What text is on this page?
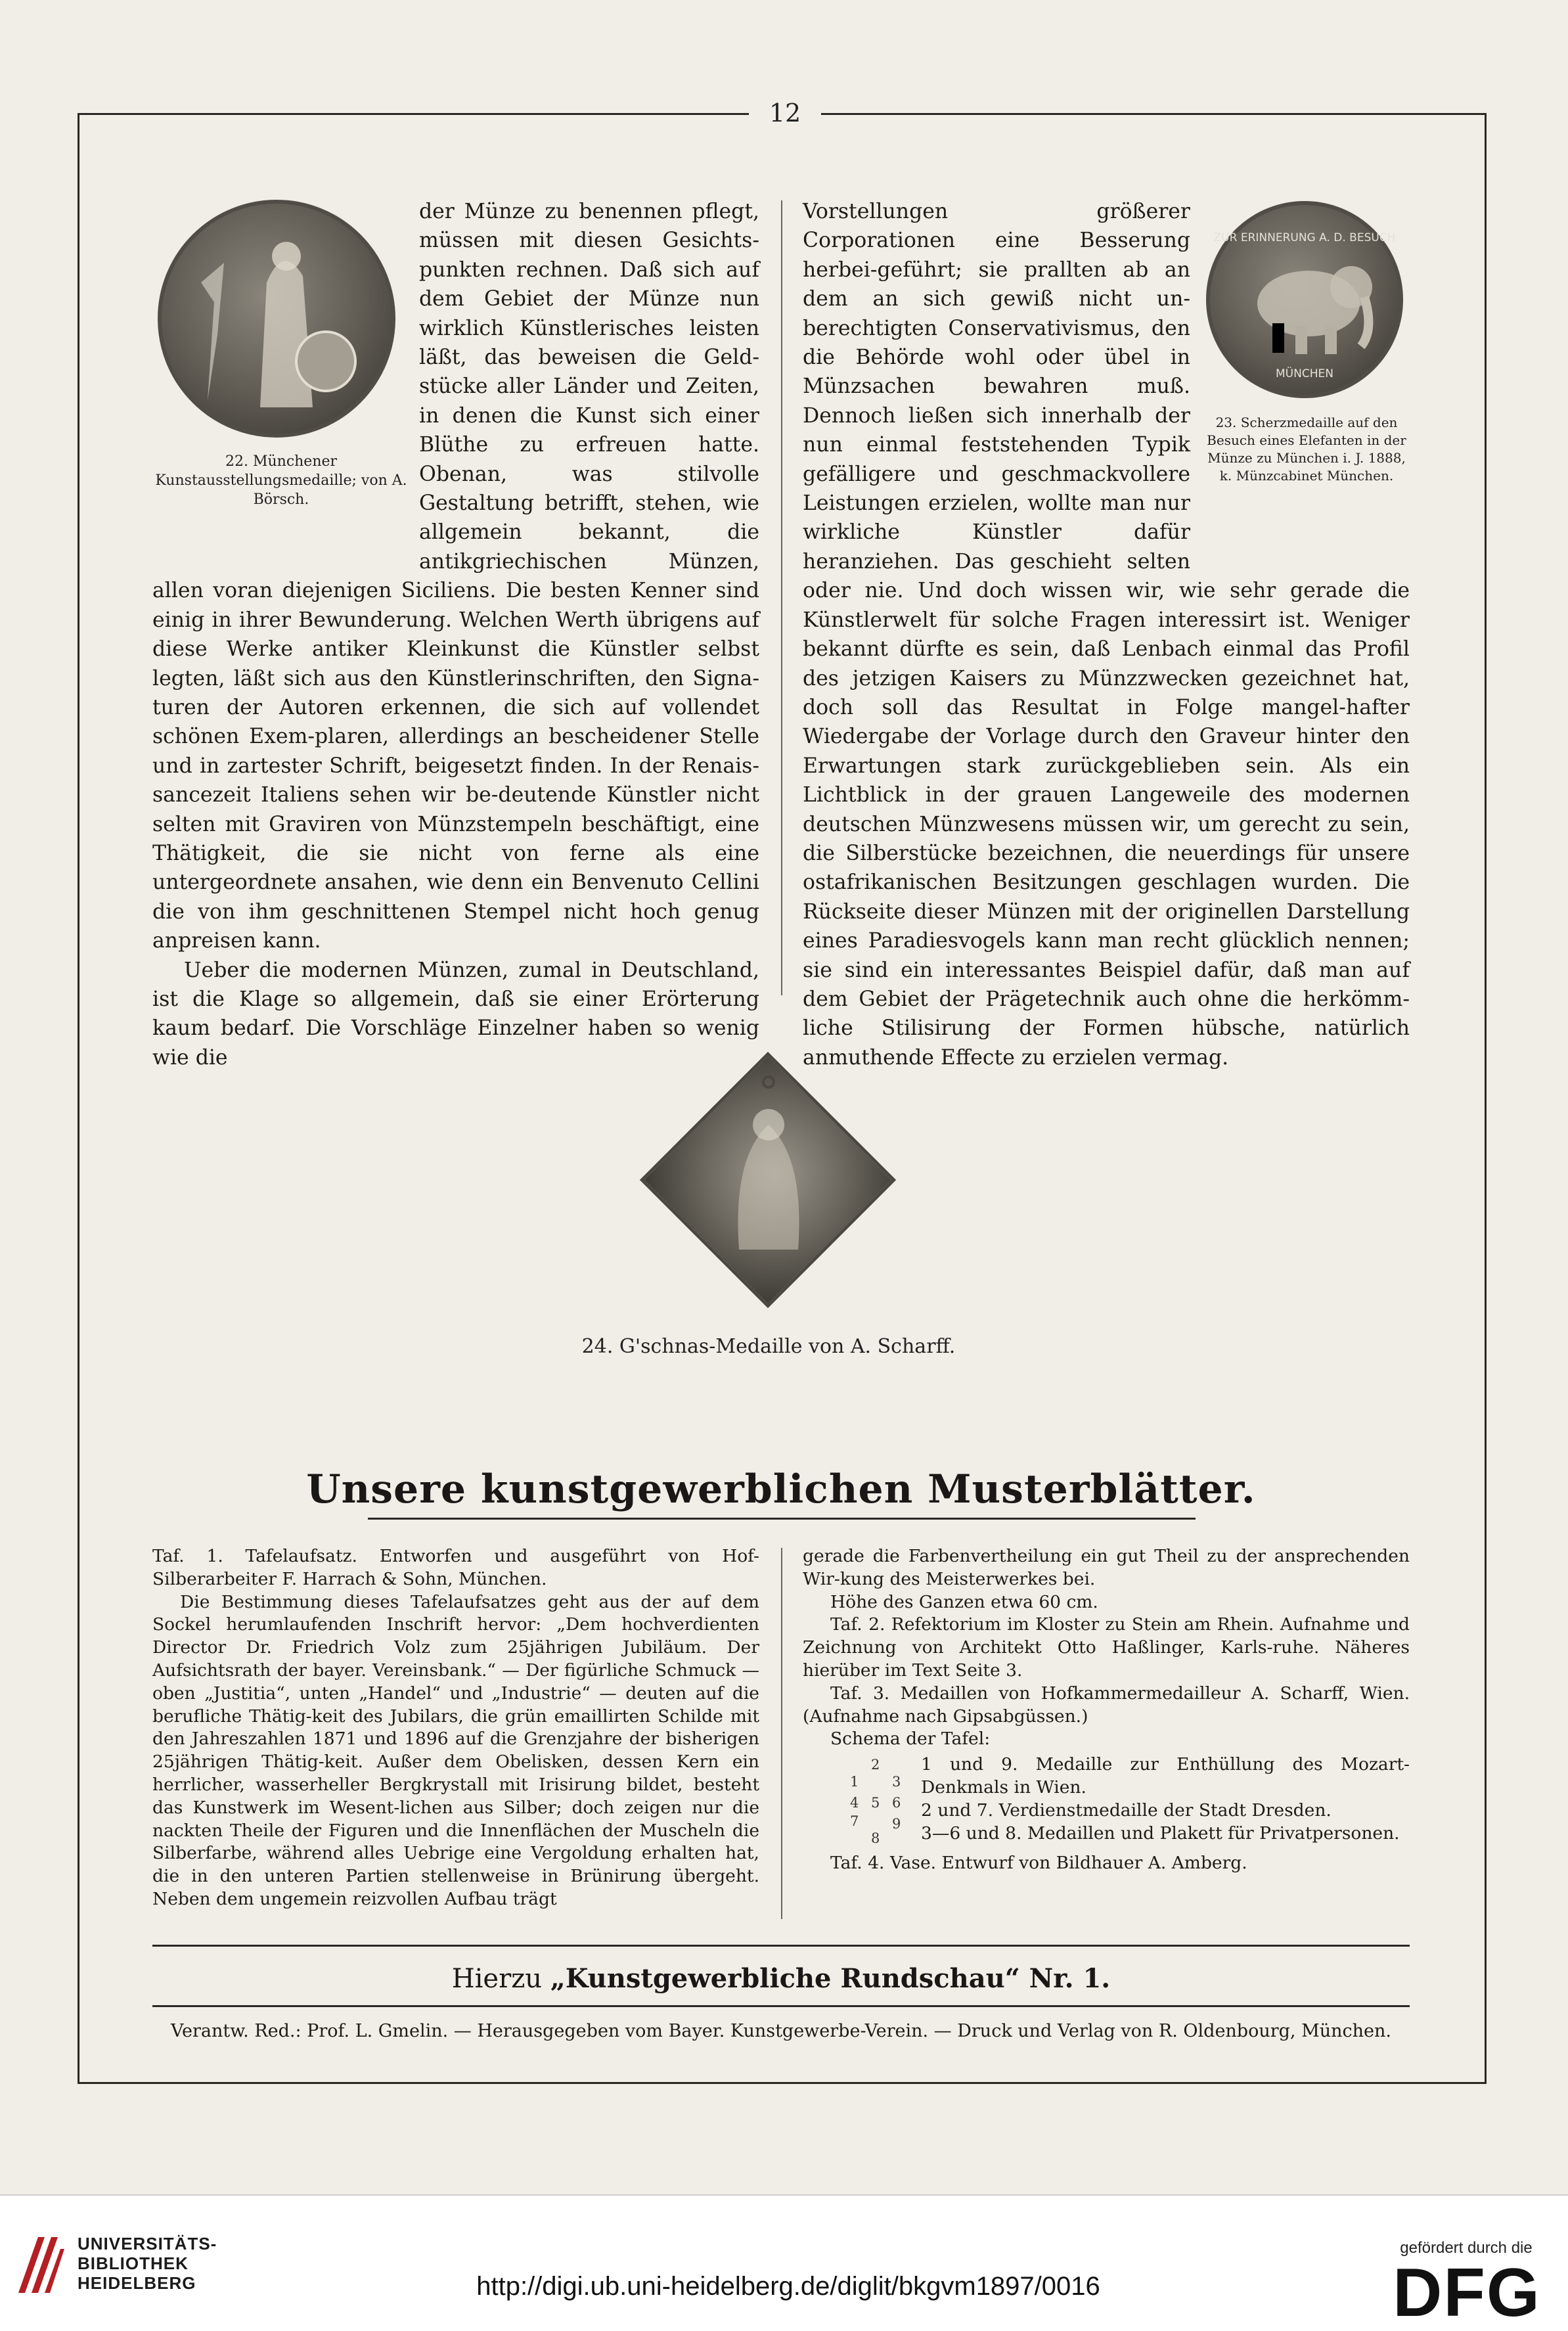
12
22. Münchener Kunstausstellungsmedaille; von A. Börsch.

der Münze zu benennen pflegt, müssen mit diesen Gesichts-punkten rechnen. Daß sich auf dem Gebiet der Münze nun wirklich Künstlerisches leisten läßt, das beweisen die Geld-stücke aller Länder und Zeiten, in denen die Kunst sich einer Blüthe zu erfreuen hatte. Obenan, was stilvolle Gestaltung betrifft, stehen, wie allgemein bekannt, die antikgriechischen Münzen, allen voran diejenigen Siciliens. Die besten Kenner sind einig in ihrer Bewunderung. Welchen Werth übrigens auf diese Werke antiker Kleinkunst die Künstler selbst legten, läßt sich aus den Künstlerinschriften, den Signa-turen der Autoren erkennen, die sich auf vollendet schönen Exem-plaren, allerdings an bescheidener Stelle und in zartester Schrift, beigesetzt finden. In der Renais-sancezeit Italiens sehen wir be-deutende Künstler nicht selten mit Graviren von Münzstempeln beschäftigt, eine Thätigkeit, die sie nicht von ferne als eine untergeordnete ansahen, wie denn ein Benvenuto Cellini die von ihm geschnittenen Stempel nicht hoch genug anpreisen kann.

Ueber die modernen Münzen, zumal in Deutschland, ist die Klage so allgemein, daß sie einer Erörterung kaum bedarf. Die Vorschläge Einzelner haben so wenig wie die

ZUR ERINNERUNG A. D. BESUCH
MÜNCHEN
23. Scherzmedaille auf den Besuch eines Elefanten in der Münze zu München i. J. 1888, k. Münzcabinet München.

Vorstellungen größerer Corporationen eine Besserung herbei-geführt; sie prallten ab an dem an sich gewiß nicht un-berechtigten Conservativismus, den die Behörde wohl oder übel in Münzsachen bewahren muß. Dennoch ließen sich innerhalb der nun einmal feststehenden Typik gefälligere und geschmackvollere Leistungen erzielen, wollte man nur wirkliche Künstler dafür heranziehen. Das geschieht selten oder nie. Und doch wissen wir, wie sehr gerade die Künstlerwelt für solche Fragen interessirt ist. Weniger bekannt dürfte es sein, daß Lenbach einmal das Profil des jetzigen Kaisers zu Münzzwecken gezeichnet hat, doch soll das Resultat in Folge mangel-hafter Wiedergabe der Vorlage durch den Graveur hinter den Erwartungen stark zurückgeblieben sein. Als ein Lichtblick in der grauen Langeweile des modernen deutschen Münzwesens müssen wir, um gerecht zu sein, die Silberstücke bezeichnen, die neuerdings für unsere ostafrikanischen Besitzungen geschlagen wurden. Die Rückseite dieser Münzen mit der originellen Darstellung eines Paradiesvogels kann man recht glücklich nennen; sie sind ein interessantes Beispiel dafür, daß man auf dem Gebiet der Prägetechnik auch ohne die herkömm-liche Stilisirung der Formen hübsche, natürlich anmuthende Effecte zu erzielen vermag.

24. G'schnas-Medaille von A. Scharff.
Unsere kunstgewerblichen Musterblätter.

Taf. 1. Tafelaufsatz. Entworfen und ausgeführt von Hof-Silberarbeiter F. Harrach & Sohn, München.

Die Bestimmung dieses Tafelaufsatzes geht aus der auf dem Sockel herumlaufenden Inschrift hervor: „Dem hochverdienten Director Dr. Friedrich Volz zum 25jährigen Jubiläum. Der Aufsichtsrath der bayer. Vereinsbank.“ — Der figürliche Schmuck — oben „Justitia“, unten „Handel“ und „Industrie“ — deuten auf die berufliche Thätig-keit des Jubilars, die grün emaillirten Schilde mit den Jahreszahlen 1871 und 1896 auf die Grenzjahre der bisherigen 25jährigen Thätig-keit. Außer dem Obelisken, dessen Kern ein herrlicher, wasserheller Bergkrystall mit Irisirung bildet, besteht das Kunstwerk im Wesent-lichen aus Silber; doch zeigen nur die nackten Theile der Figuren und die Innenflächen der Muscheln die Silberfarbe, während alles Uebrige eine Vergoldung erhalten hat, die in den unteren Partien stellenweise in Brünirung übergeht. Neben dem ungemein reizvollen Aufbau trägt

gerade die Farbenvertheilung ein gut Theil zu der ansprechenden Wir-kung des Meisterwerkes bei.

Höhe des Ganzen etwa 60 cm.

Taf. 2. Refektorium im Kloster zu Stein am Rhein. Aufnahme und Zeichnung von Architekt Otto Haßlinger, Karls-ruhe. Näheres hierüber im Text Seite 3.

Taf. 3. Medaillen von Hofkammermedailleur A. Scharff, Wien. (Aufnahme nach Gipsabgüssen.)

Schema der Tafel:

2
1 3
4 5 6
7 9
8
1 und 9. Medaille zur Enthüllung des Mozart-Denkmals in Wien.
2 und 7. Verdienstmedaille der Stadt Dresden.
3—6 und 8. Medaillen und Plakett für Privatpersonen.

Taf. 4. Vase. Entwurf von Bildhauer A. Amberg.

Hierzu „Kunstgewerbliche Rundschau“ Nr. 1.
Verantw. Red.: Prof. L. Gmelin. — Herausgegeben vom Bayer. Kunstgewerbe-Verein. — Druck und Verlag von R. Oldenbourg, München.
UNIVERSITÄTS-
BIBLIOTHEK
HEIDELBERG	http://digi.ub.uni-heidelberg.de/diglit/bkgvm1897/0016
gefördert durch die
DFG
